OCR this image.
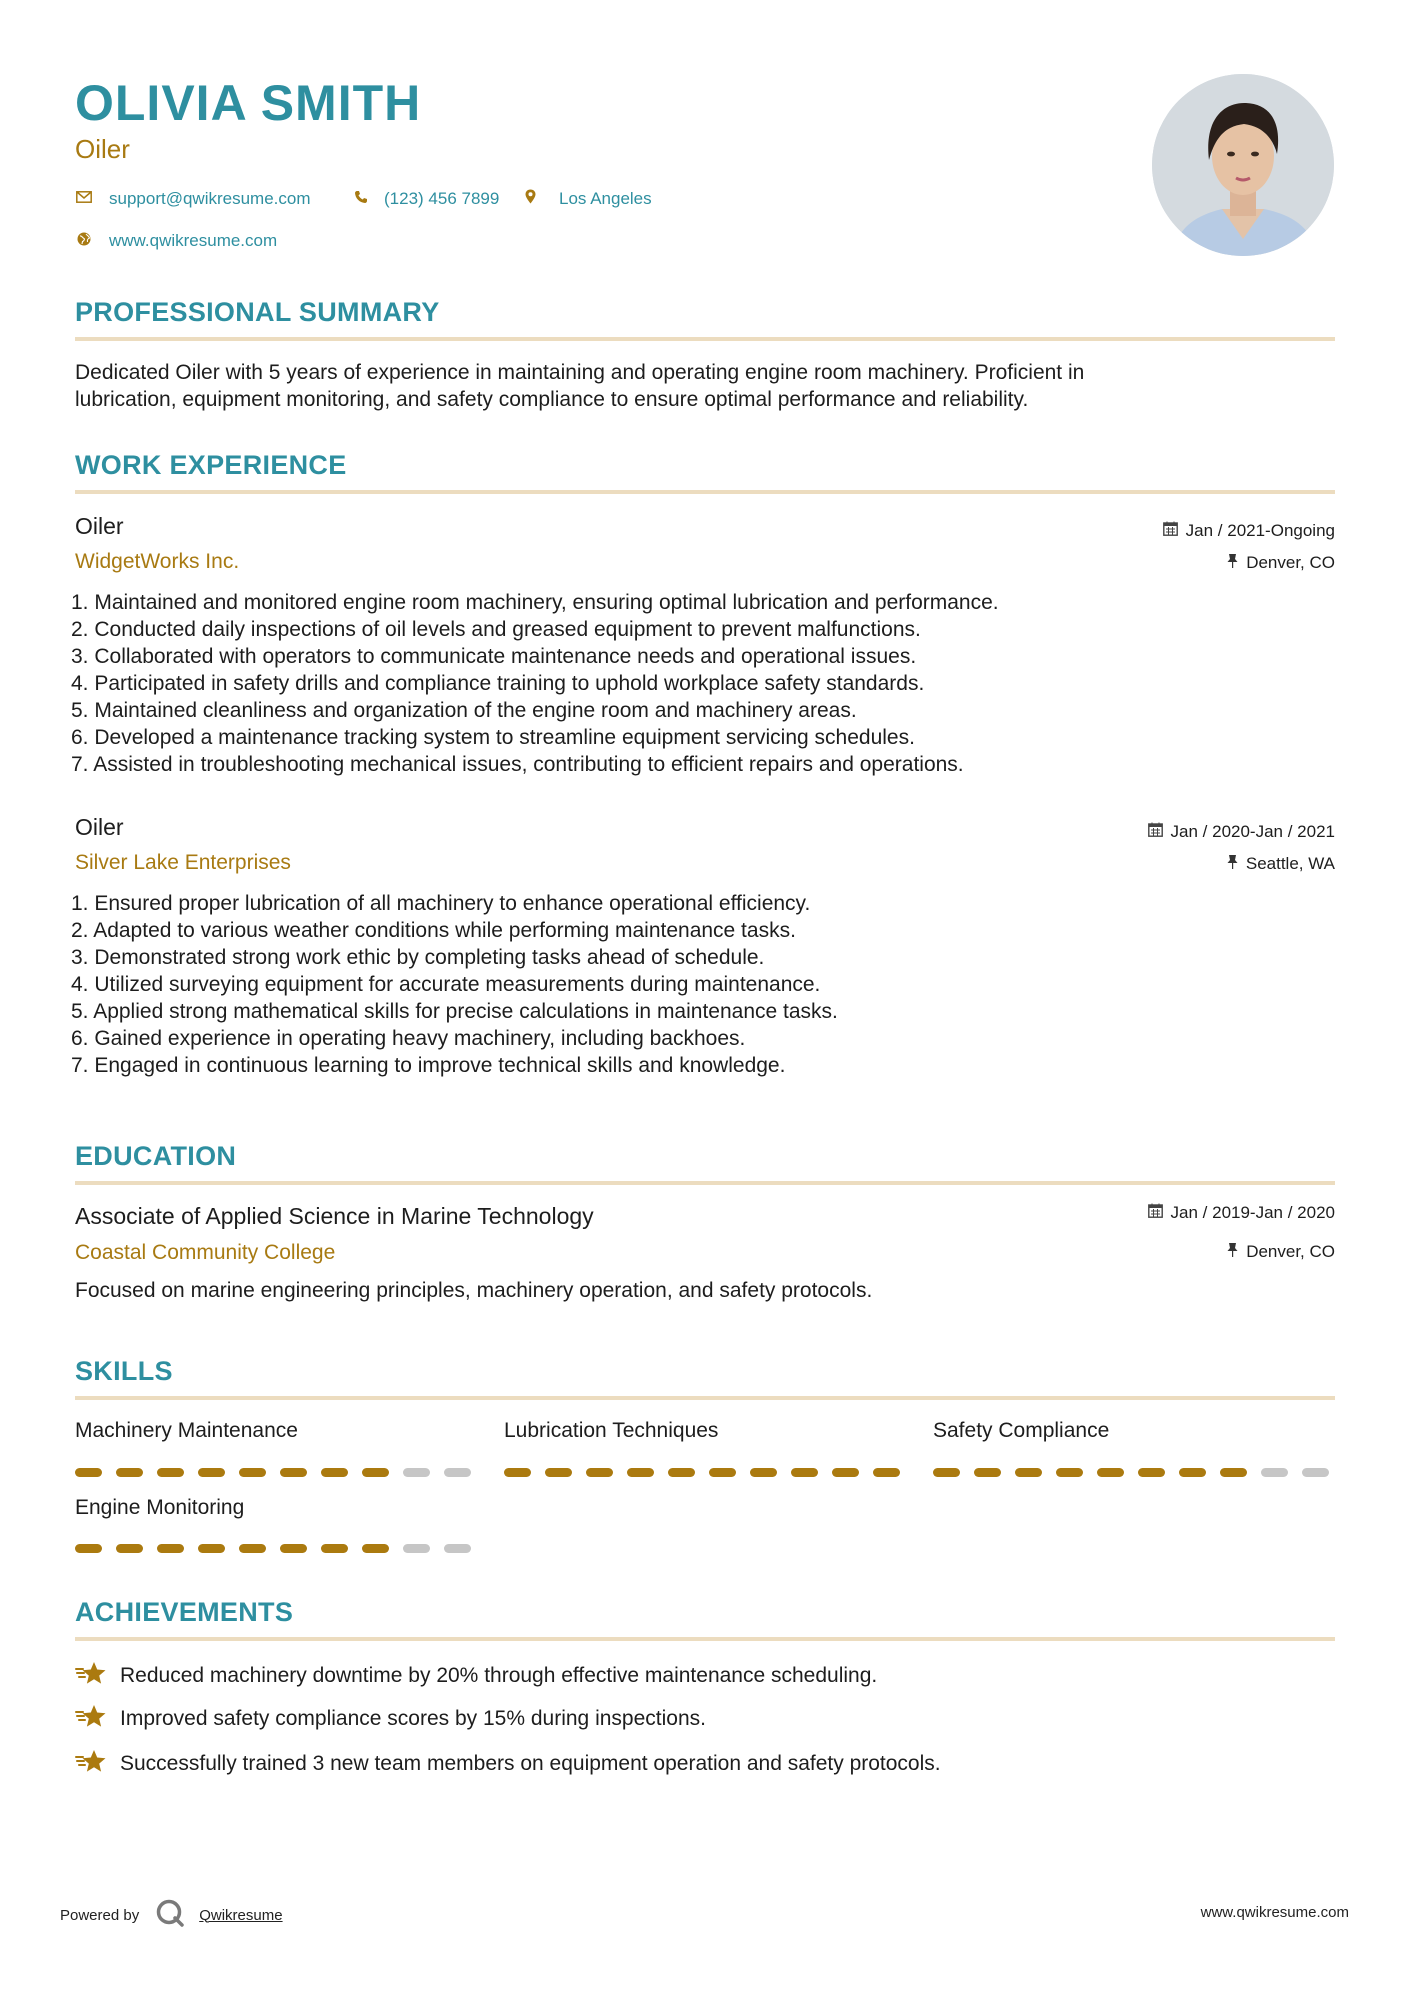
OLIVIA SMITH
Oiler
support@qwikresume.com	(123) 456 7899	Los Angeles
www.qwikresume.com
PROFESSIONAL SUMMARY
Dedicated Oiler with 5 years of experience in maintaining and operating engine room machinery. Proficient in
lubrication, equipment monitoring, and safety compliance to ensure optimal performance and reliability.
WORK EXPERIENCE
Oiler
WidgetWorks Inc.
Jan / 2021-Ongoing
Denver, CO
1. Maintained and monitored engine room machinery, ensuring optimal lubrication and performance.
2. Conducted daily inspections of oil levels and greased equipment to prevent malfunctions.
3. Collaborated with operators to communicate maintenance needs and operational issues.
4. Participated in safety drills and compliance training to uphold workplace safety standards.
5. Maintained cleanliness and organization of the engine room and machinery areas.
6. Developed a maintenance tracking system to streamline equipment servicing schedules.
7. Assisted in troubleshooting mechanical issues, contributing to efficient repairs and operations.
Oiler
Silver Lake Enterprises
Jan / 2020-Jan / 2021
Seattle, WA
1. Ensured proper lubrication of all machinery to enhance operational efficiency.
2. Adapted to various weather conditions while performing maintenance tasks.
3. Demonstrated strong work ethic by completing tasks ahead of schedule.
4. Utilized surveying equipment for accurate measurements during maintenance.
5. Applied strong mathematical skills for precise calculations in maintenance tasks.
6. Gained experience in operating heavy machinery, including backhoes.
7. Engaged in continuous learning to improve technical skills and knowledge.
EDUCATION
Associate of Applied Science in Marine Technology
Coastal Community College
Jan / 2019-Jan / 2020
Denver, CO
Focused on marine engineering principles, machinery operation, and safety protocols.
SKILLS
Machinery Maintenance	Lubrication Techniques	Safety Compliance
Engine Monitoring
ACHIEVEMENTS
Reduced machinery downtime by 20% through effective maintenance scheduling.
Improved safety compliance scores by 15% during inspections.
Successfully trained 3 new team members on equipment operation and safety protocols.
Powered by	Qwikresume	www.qwikresume.com
